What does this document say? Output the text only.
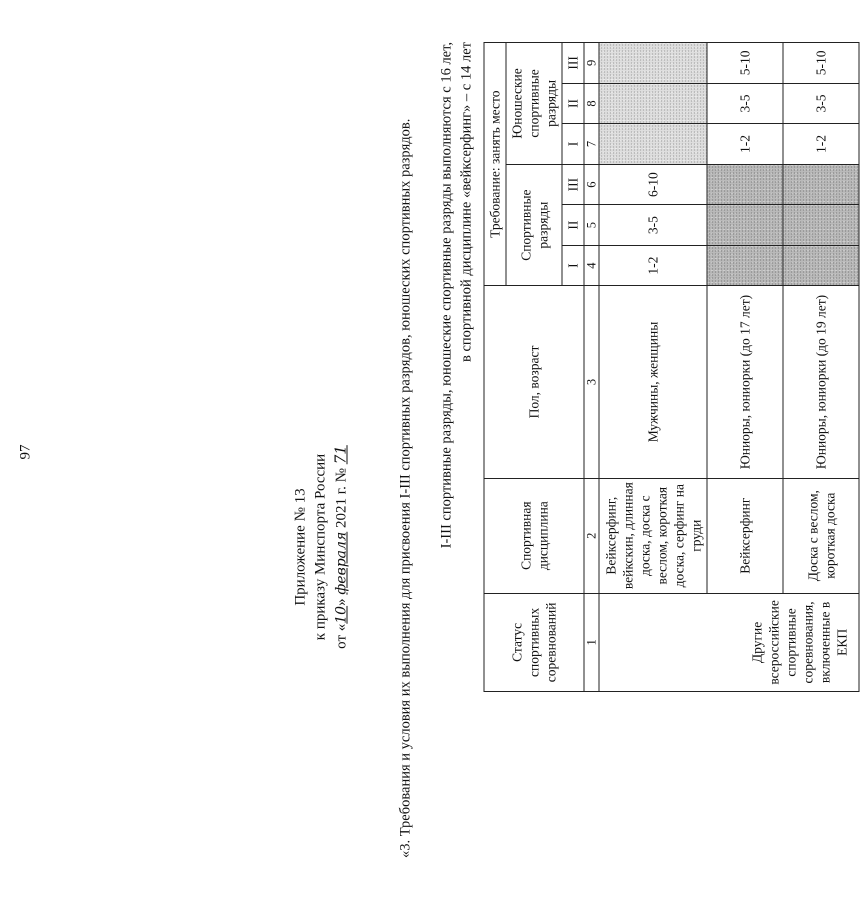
97
Приложение № 13 к приказу Минспорта России от «10» февраля 2021 г. № 71	«3. Требования и условия их выполнения для присвоения I-III спортивных разрядов, юношеских спортивных разрядов. I-III спортивные разряды, юношеские спортивные разряды выполняются с 16 лет, в спортивной дисциплине «вейксерфинг» – с 14 лет
Статус спортивных соревнований	Спортивная дисциплина	Пол, возраст	Требование: занять место					
			Спортивные разряды			Юношеские спортивные разряды		
			I	II	III	I	II	III
1	2	3	4	5	6	7	8	9
Другие всероссийские спортивные соревнования, включенные в ЕКП	Вейксерфинг, вейкскин, длинная доска, доска с веслом, короткая доска, серфинг на груди	Мужчины, женщины	1-2	3-5	6-10			
	Вейксерфинг	Юниоры, юниорки (до 17 лет)				1-2	3-5	5-10
	Доска с веслом, короткая доска	Юниоры, юниорки (до 19 лет)				1-2	3-5	5-10
